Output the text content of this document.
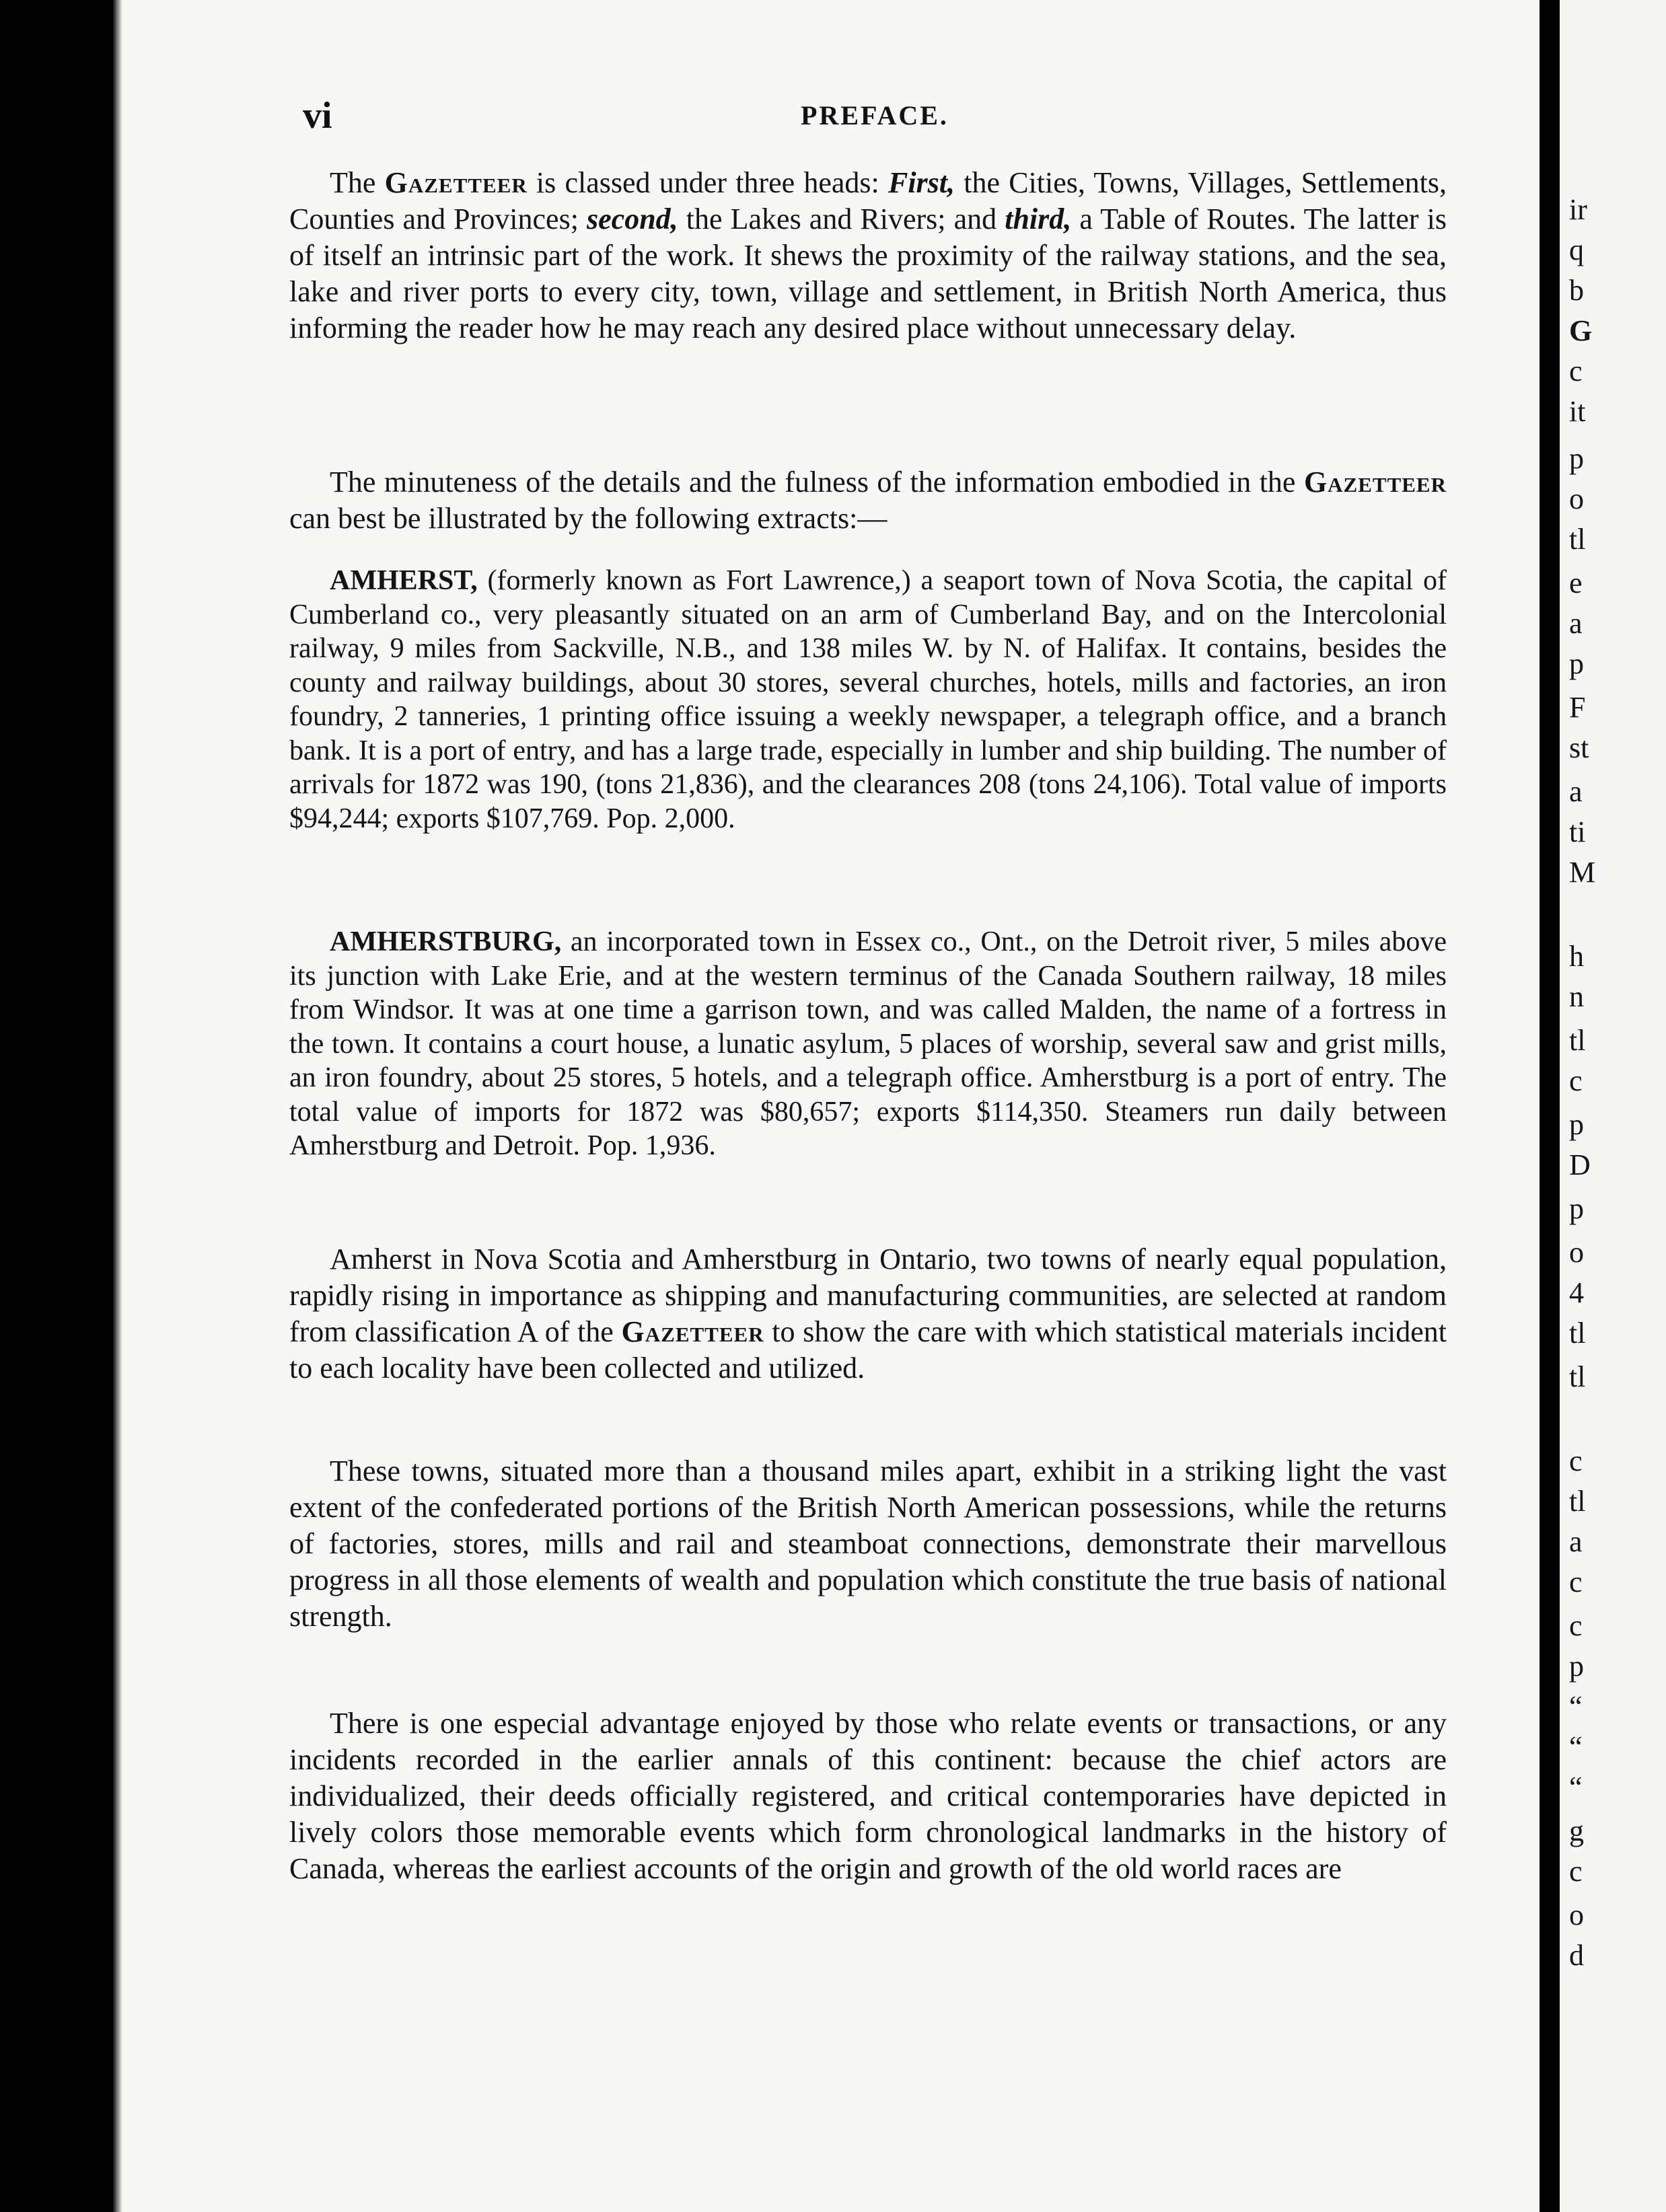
ir
q
b
G
c
it
p
o
tl
e
a
p
F
st
a
ti
M
h
n
tl
c
p
D
p
o
4
tl
tl
c
tl
a
c
c
p
“
“
“
g
c
o
d
vi	PREFACE.

The Gazetteer is classed under three heads: First, the Cities, Towns, Villages, Settlements, Counties and Provinces; second, the Lakes and Rivers; and third, a Table of Routes. The latter is of itself an intrinsic part of the work. It shews the proximity of the railway stations, and the sea, lake and river ports to every city, town, village and settlement, in British North America, thus informing the reader how he may reach any desired place without unnecessary delay.

The minuteness of the details and the fulness of the information embodied in the Gazetteer can best be illustrated by the following extracts:—

AMHERST, (formerly known as Fort Lawrence,) a seaport town of Nova Scotia, the capital of Cumberland co., very pleasantly situated on an arm of Cumberland Bay, and on the Intercolonial railway, 9 miles from Sackville, N.B., and 138 miles W. by N. of Halifax. It contains, besides the county and railway buildings, about 30 stores, several churches, hotels, mills and factories, an iron foundry, 2 tanneries, 1 printing office issuing a weekly newspaper, a telegraph office, and a branch bank. It is a port of entry, and has a large trade, especially in lumber and ship building. The number of arrivals for 1872 was 190, (tons 21,836), and the clearances 208 (tons 24,106). Total value of imports $94,244; exports $107,769. Pop. 2,000.

AMHERSTBURG, an incorporated town in Essex co., Ont., on the Detroit river, 5 miles above its junction with Lake Erie, and at the western terminus of the Canada Southern railway, 18 miles from Windsor. It was at one time a garrison town, and was called Malden, the name of a fortress in the town. It contains a court house, a lunatic asylum, 5 places of worship, several saw and grist mills, an iron foundry, about 25 stores, 5 hotels, and a telegraph office. Amherstburg is a port of entry. The total value of imports for 1872 was $80,657; exports $114,350. Steamers run daily between Amherstburg and Detroit. Pop. 1,936.

Amherst in Nova Scotia and Amherstburg in Ontario, two towns of nearly equal population, rapidly rising in importance as shipping and manufacturing communities, are selected at random from classification A of the Gazetteer to show the care with which statistical materials incident to each locality have been collected and utilized.

These towns, situated more than a thousand miles apart, exhibit in a striking light the vast extent of the confederated portions of the British North American possessions, while the returns of factories, stores, mills and rail and steamboat connections, demonstrate their marvellous progress in all those elements of wealth and population which constitute the true basis of national strength.

There is one especial advantage enjoyed by those who relate events or transactions, or any incidents recorded in the earlier annals of this continent: because the chief actors are individualized, their deeds officially registered, and critical contemporaries have depicted in lively colors those memorable events which form chronological landmarks in the history of Canada, whereas the earliest accounts of the origin and growth of the old world races are
